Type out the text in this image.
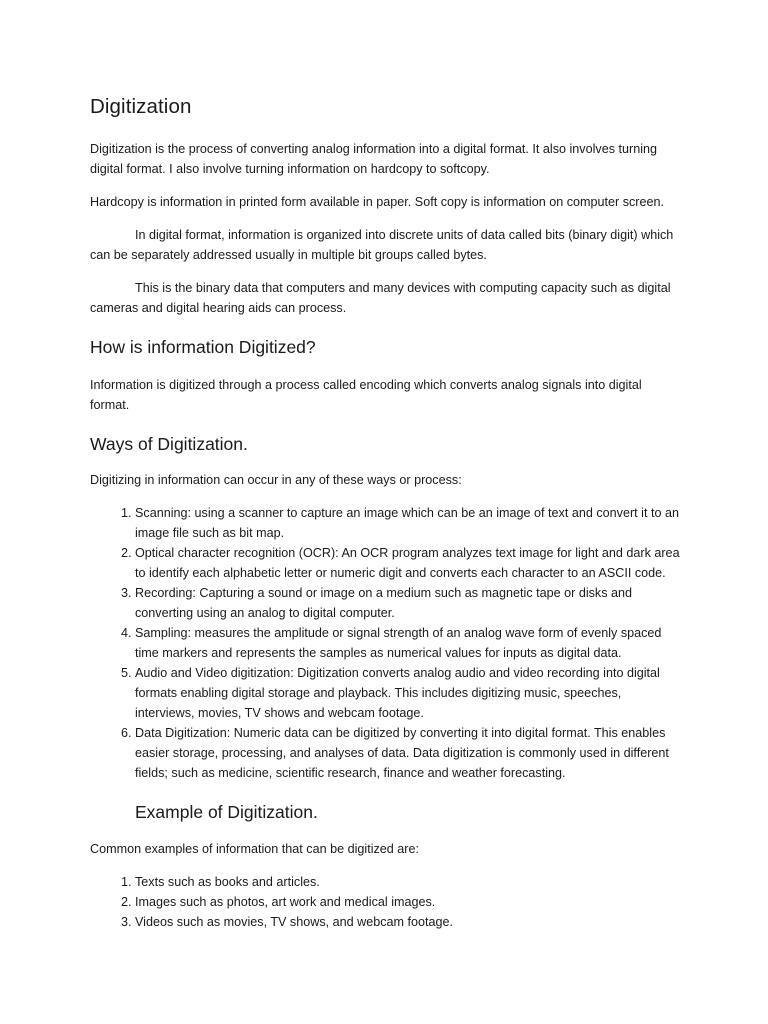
Digitization

Digitization is the process of converting analog information into a digital format. It also involves turning digital format. I also involve turning information on hardcopy to softcopy.

Hardcopy is information in printed form available in paper. Soft copy is information on computer screen.

In digital format, information is organized into discrete units of data called bits (binary digit) which can be separately addressed usually in multiple bit groups called bytes.

This is the binary data that computers and many devices with computing capacity such as digital cameras and digital hearing aids can process.

How is information Digitized?

Information is digitized through a process called encoding which converts analog signals into digital format.

Ways of Digitization.

Digitizing in information can occur in any of these ways or process:

1. Scanning: using a scanner to capture an image which can be an image of text and convert it to an image file such as bit map.
2. Optical character recognition (OCR): An OCR program analyzes text image for light and dark area to identify each alphabetic letter or numeric digit and converts each character to an ASCII code.
3. Recording: Capturing a sound or image on a medium such as magnetic tape or disks and converting using an analog to digital computer.
4. Sampling: measures the amplitude or signal strength of an analog wave form of evenly spaced time markers and represents the samples as numerical values for inputs as digital data.
5. Audio and Video digitization: Digitization converts analog audio and video recording into digital formats enabling digital storage and playback. This includes digitizing music, speeches, interviews, movies, TV shows and webcam footage.
6. Data Digitization: Numeric data can be digitized by converting it into digital format. This enables easier storage, processing, and analyses of data. Data digitization is commonly used in different fields; such as medicine, scientific research, finance and weather forecasting.
Example of Digitization.

Common examples of information that can be digitized are:

1. Texts such as books and articles.
2. Images such as photos, art work and medical images.
3. Videos such as movies, TV shows, and webcam footage.
